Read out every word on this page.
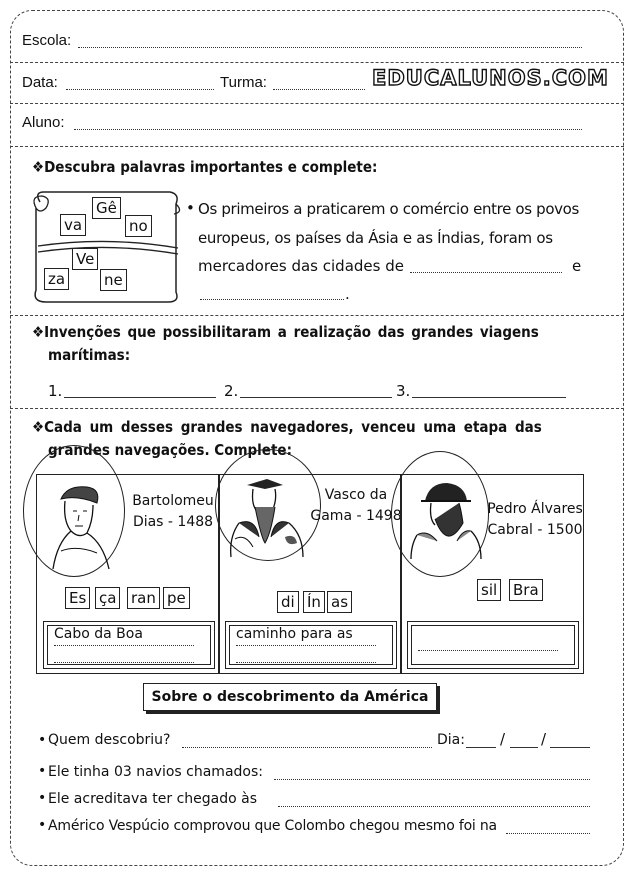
Escola:
Data:	Turma:	EDUCALUNOS.COM
Aluno:
❖Descubra palavras importantes e complete:
Gê
va	no
Ve
za	ne
• Os primeiros a praticarem o comércio entre os povos
europeus, os países da Ásia e as Índias, foram os
mercadores das cidades de	e
.
❖Invenções que possibilitaram a realização das grandes viagens
marítimas:
1.	2.	3.
❖Cada um desses grandes navegadores, venceu uma etapa das
grandes navegações. Complete:
Bartolomeu
Dias - 1488
Es ça ran pe
Cabo da Boa
Vasco da
Gama - 1498
di Ín as
caminho para as
Pedro Álvares
Cabral - 1500
sil Bra
Sobre o descobrimento da América
• Quem descobriu?	Dia: / /
• Ele tinha 03 navios chamados:
• Ele acreditava ter chegado às
• Américo Vespúcio comprovou que Colombo chegou mesmo foi na
